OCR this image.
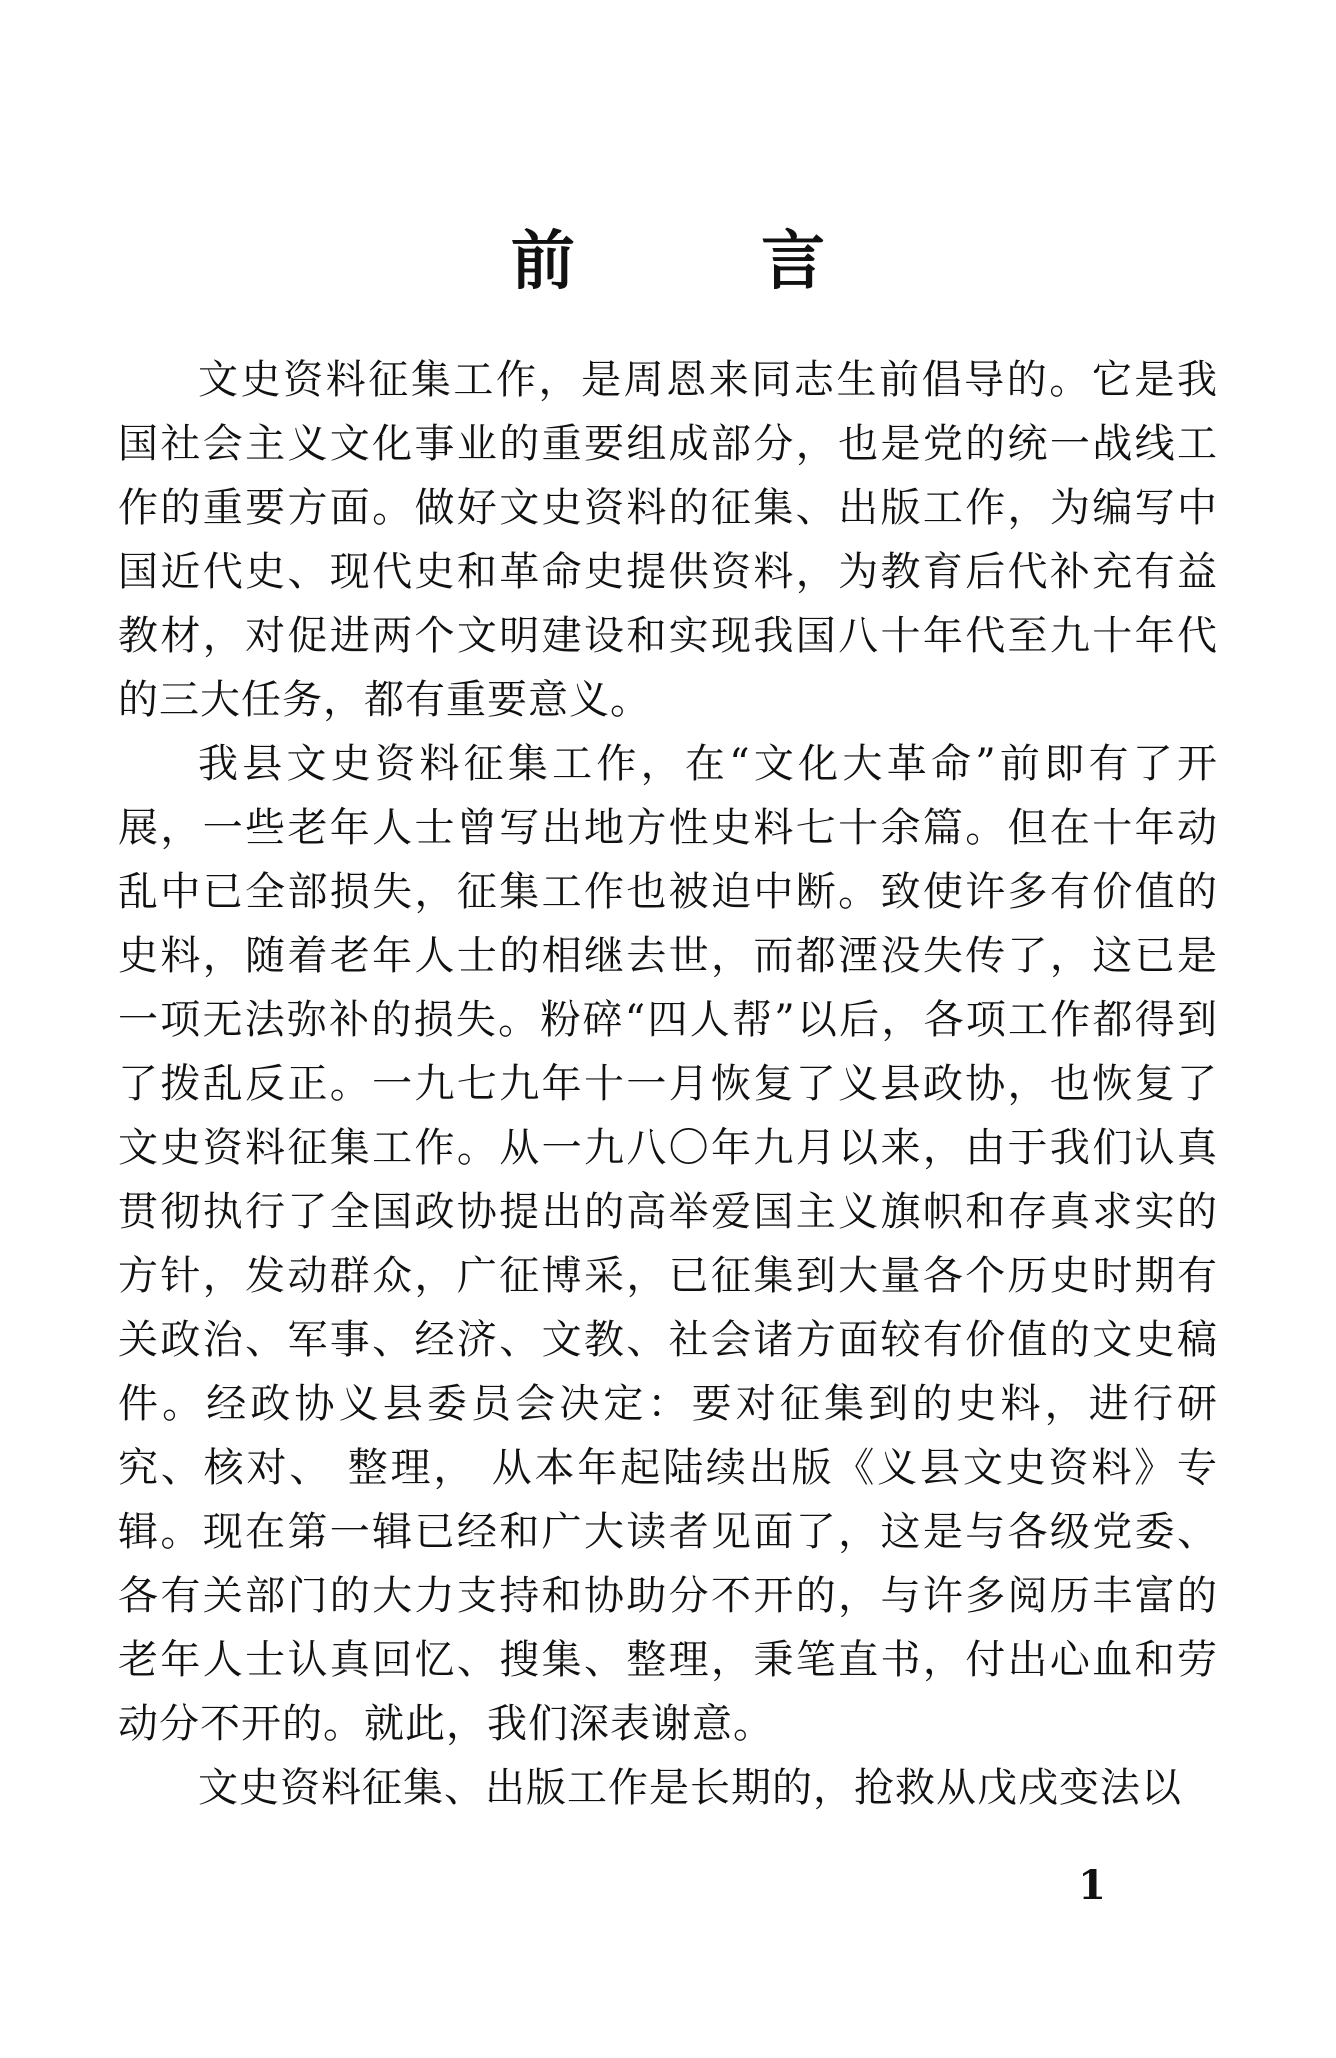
前 言

文史资料征集工作，是周恩来同志生前倡导的。它是我国社会主义文化事业的重要组成部分，也是党的统一战线工作的重要方面。做好文史资料的征集、出版工作，为编写中国近代史、现代史和革命史提供资料，为教育后代补充有益教材，对促进两个文明建设和实现我国八十年代至九十年代的三大任务，都有重要意义。

我县文史资料征集工作，在“文化大革命”前即有了开展，一些老年人士曾写出地方性史料七十余篇。但在十年动乱中已全部损失，征集工作也被迫中断。致使许多有价值的史料，随着老年人士的相继去世，而都湮没失传了，这已是一项无法弥补的损失。粉碎“四人帮”以后，各项工作都得到了拨乱反正。一九七九年十一月恢复了义县政协，也恢复了文史资料征集工作。从一九八〇年九月以来，由于我们认真贯彻执行了全国政协提出的高举爱国主义旗帜和存真求实的方针，发动群众，广征博采，已征集到大量各个历史时期有关政治、军事、经济、文教、社会诸方面较有价值的文史稿件。经政协义县委员会决定：要对征集到的史料，进行研究、核对、 整理， 从本年起陆续出版《义县文史资料》专辑。现在第一辑已经和广大读者见面了，这是与各级党委、各有关部门的大力支持和协助分不开的，与许多阅历丰富的老年人士认真回忆、搜集、整理，秉笔直书，付出心血和劳动分不开的。就此，我们深表谢意。

文史资料征集、出版工作是长期的，抢救从戊戌变法以

1
